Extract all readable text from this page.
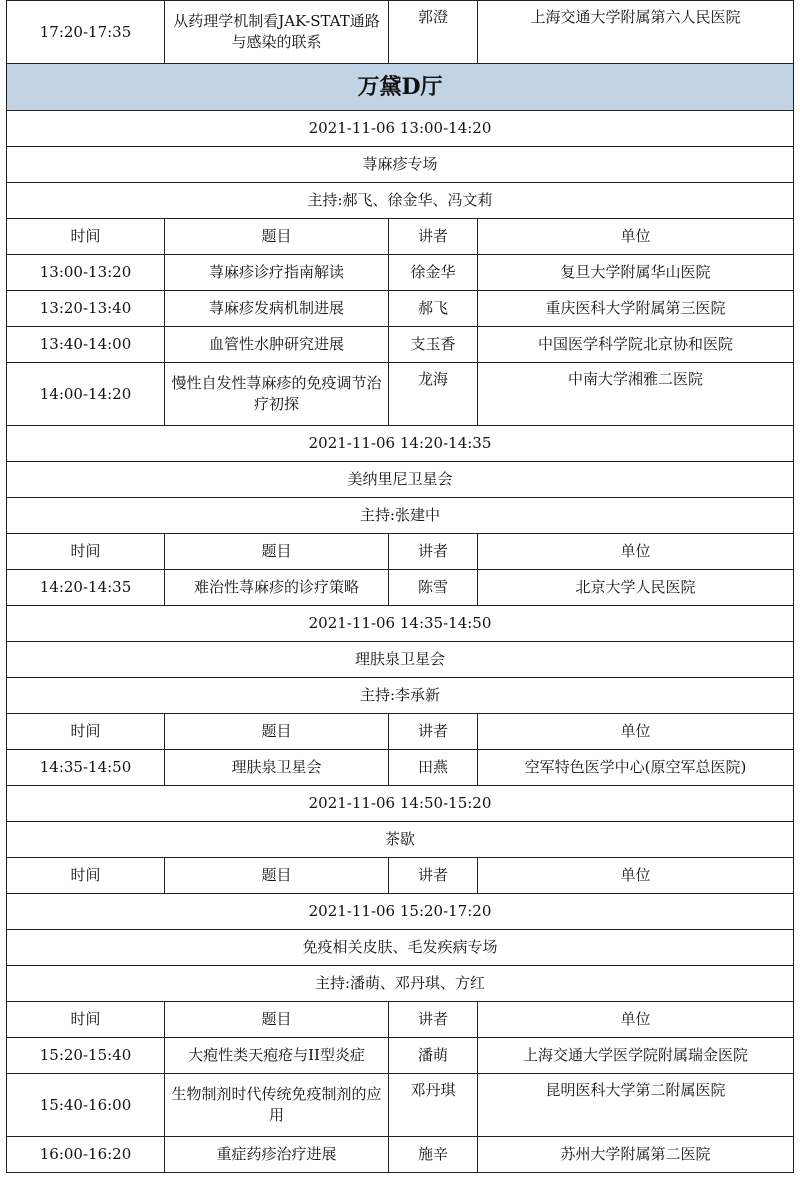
17:20-17:35	从药理学机制看JAK-STAT通路与感染的联系	郭澄	上海交通大学附属第六人民医院
万黛D厅			
2021-11-06 13:00-14:20			
荨麻疹专场			
主持:郝飞、徐金华、冯文莉			
时间	题目	讲者	单位
13:00-13:20	荨麻疹诊疗指南解读	徐金华	复旦大学附属华山医院
13:20-13:40	荨麻疹发病机制进展	郝飞	重庆医科大学附属第三医院
13:40-14:00	血管性水肿研究进展	支玉香	中国医学科学院北京协和医院
14:00-14:20	慢性自发性荨麻疹的免疫调节治疗初探	龙海	中南大学湘雅二医院
2021-11-06 14:20-14:35			
美纳里尼卫星会			
主持:张建中			
时间	题目	讲者	单位
14:20-14:35	难治性荨麻疹的诊疗策略	陈雪	北京大学人民医院
2021-11-06 14:35-14:50			
理肤泉卫星会			
主持:李承新			
时间	题目	讲者	单位
14:35-14:50	理肤泉卫星会	田燕	空军特色医学中心(原空军总医院)
2021-11-06 14:50-15:20			
茶歇			
时间	题目	讲者	单位
2021-11-06 15:20-17:20			
免疫相关皮肤、毛发疾病专场			
主持:潘萌、邓丹琪、方红			
时间	题目	讲者	单位
15:20-15:40	大疱性类天疱疮与II型炎症	潘萌	上海交通大学医学院附属瑞金医院
15:40-16:00	生物制剂时代传统免疫制剂的应用	邓丹琪	昆明医科大学第二附属医院
16:00-16:20	重症药疹治疗进展	施辛	苏州大学附属第二医院
